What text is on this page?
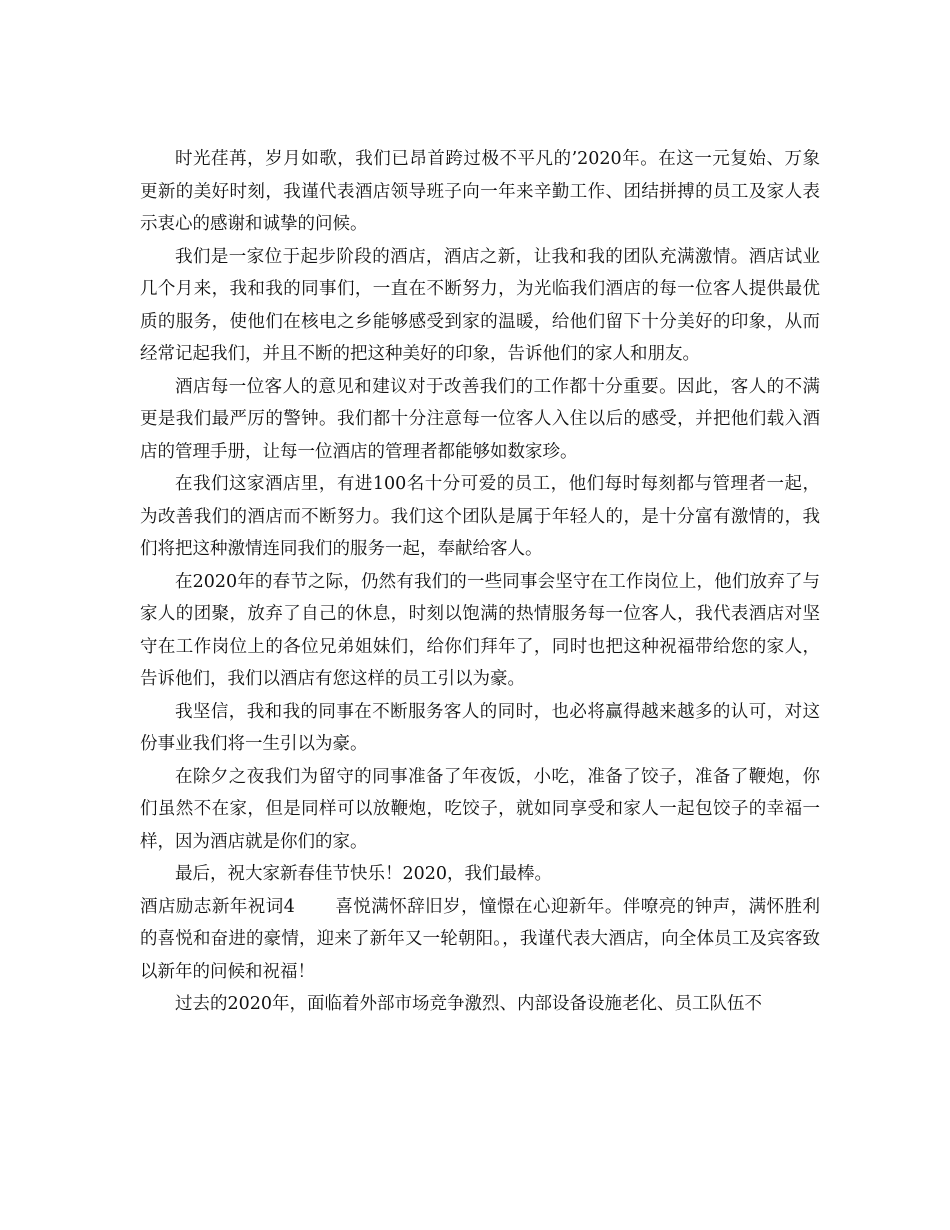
时光荏苒，岁月如歌，我们已昂首跨过极不平凡的’2020年。在这一元复始、万象更新的美好时刻，我谨代表酒店领导班子向一年来辛勤工作、团结拼搏的员工及家人表示衷心的感谢和诚挚的问候。

我们是一家位于起步阶段的酒店，酒店之新，让我和我的团队充满激情。酒店试业几个月来，我和我的同事们，一直在不断努力，为光临我们酒店的每一位客人提供最优质的服务，使他们在核电之乡能够感受到家的温暖，给他们留下十分美好的印象，从而经常记起我们，并且不断的把这种美好的印象，告诉他们的家人和朋友。

酒店每一位客人的意见和建议对于改善我们的工作都十分重要。因此，客人的不满更是我们最严厉的警钟。我们都十分注意每一位客人入住以后的感受，并把他们载入酒店的管理手册，让每一位酒店的管理者都能够如数家珍。

在我们这家酒店里，有进100名十分可爱的员工，他们每时每刻都与管理者一起，为改善我们的酒店而不断努力。我们这个团队是属于年轻人的，是十分富有激情的，我们将把这种激情连同我们的服务一起，奉献给客人。

在2020年的春节之际，仍然有我们的一些同事会坚守在工作岗位上，他们放弃了与家人的团聚，放弃了自己的休息，时刻以饱满的热情服务每一位客人，我代表酒店对坚守在工作岗位上的各位兄弟姐妹们，给你们拜年了，同时也把这种祝福带给您的家人，告诉他们，我们以酒店有您这样的员工引以为豪。

我坚信，我和我的同事在不断服务客人的同时，也必将赢得越来越多的认可，对这份事业我们将一生引以为豪。

在除夕之夜我们为留守的同事准备了年夜饭，小吃，准备了饺子，准备了鞭炮，你们虽然不在家，但是同样可以放鞭炮，吃饺子，就如同享受和家人一起包饺子的幸福一样，因为酒店就是你们的家。

最后，祝大家新春佳节快乐！2020，我们最棒。

酒店励志新年祝词4 喜悦满怀辞旧岁，憧憬在心迎新年。伴嘹亮的钟声，满怀胜利的喜悦和奋进的豪情，迎来了新年又一轮朝阳。，我谨代表大酒店，向全体员工及宾客致以新年的问候和祝福！

过去的2020年，面临着外部市场竞争激烈、内部设备设施老化、员工队伍不
